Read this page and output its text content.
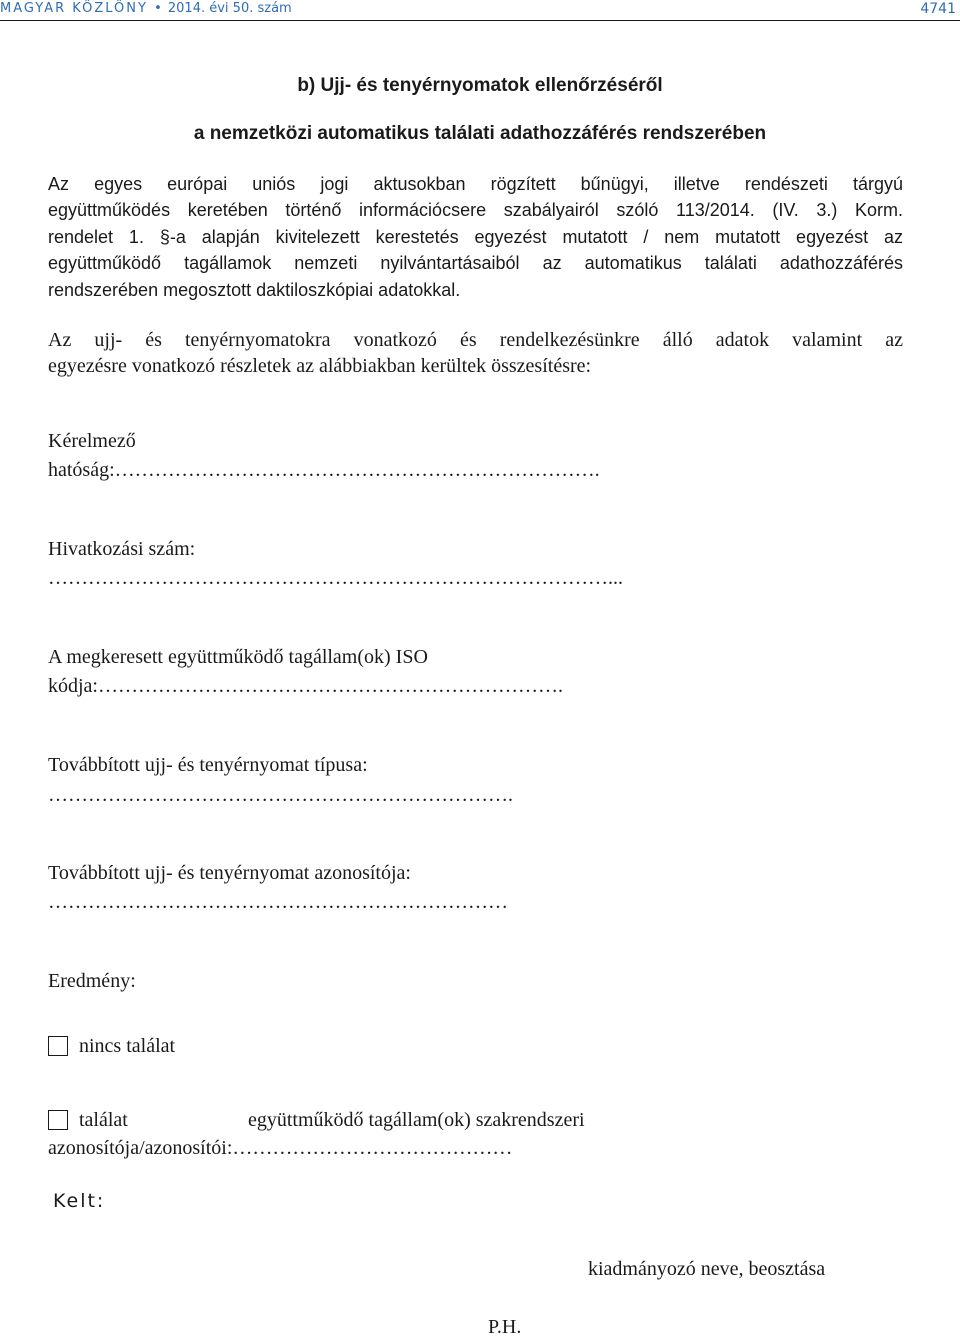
MAGYAR KÖZLÖNY • 2014. évi 50. szám	4741
b) Ujj- és tenyérnyomatok ellenőrzéséről
a nemzetközi automatikus találati adathozzáférés rendszerében
Az egyes európai uniós jogi aktusokban rögzített bűnügyi, illetve rendészeti tárgyú
együttműködés keretében történő információcsere szabályairól szóló 113/2014. (IV. 3.) Korm.
rendelet 1. §-a alapján kivitelezett kerestetés egyezést mutatott / nem mutatott egyezést az
együttműködő tagállamok nemzeti nyilvántartásaiból az automatikus találati adathozzáférés
rendszerében megosztott daktiloszkópiai adatokkal.
Az ujj- és tenyérnyomatokra vonatkozó és rendelkezésünkre álló adatok valamint az
egyezésre vonatkozó részletek az alábbiakban kerültek összesítésre:
Kérelmező
hatóság:……………………………………………………………….
Hivatkozási szám:
…………………………………………………………………………...
A megkeresett együttműködő tagállam(ok) ISO
kódja:…………………………………………………………….
Továbbított ujj- és tenyérnyomat típusa:
…………………………………………………………….
Továbbított ujj- és tenyérnyomat azonosítója:
……………………………………………………………
Eredmény:
nincs találat
találat	együttműködő tagállam(ok) szakrendszeri
azonosítója/azonosítói:……………………………………
Kelt:
kiadmányozó neve, beosztása
P.H.
